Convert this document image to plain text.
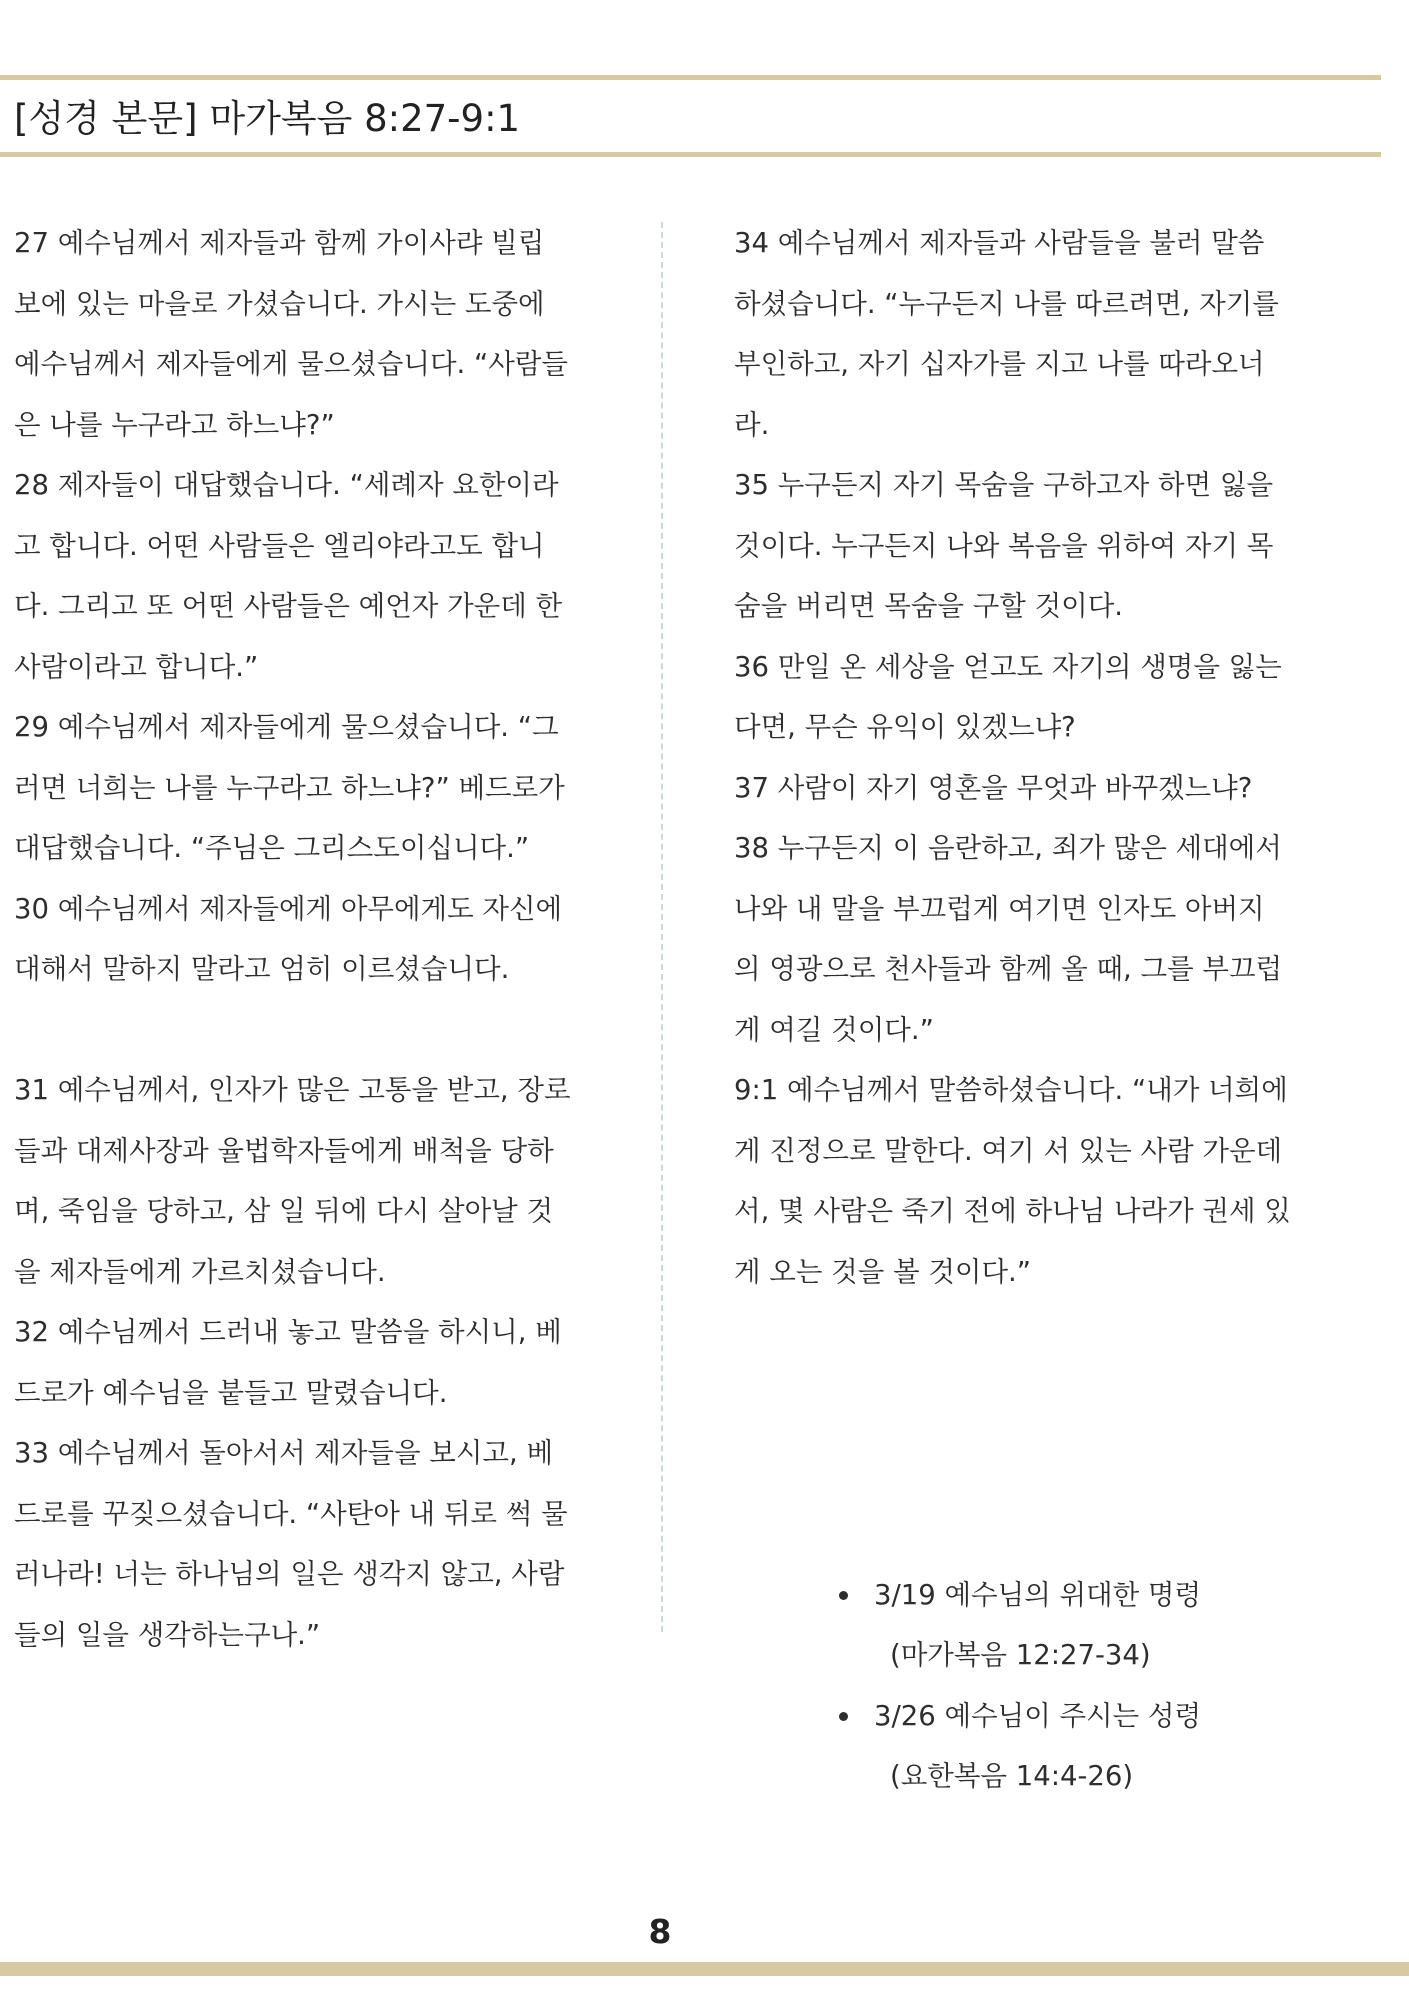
[성경 본문] 마가복음 8:27-9:1
27 예수님께서 제자들과 함께 가이사랴 빌립
보에 있는 마을로 가셨습니다. 가시는 도중에
예수님께서 제자들에게 물으셨습니다. “사람들
은 나를 누구라고 하느냐?”
28 제자들이 대답했습니다. “세례자 요한이라
고 합니다. 어떤 사람들은 엘리야라고도 합니
다. 그리고 또 어떤 사람들은 예언자 가운데 한
사람이라고 합니다.”
29 예수님께서 제자들에게 물으셨습니다. “그
러면 너희는 나를 누구라고 하느냐?” 베드로가
대답했습니다. “주님은 그리스도이십니다.”
30 예수님께서 제자들에게 아무에게도 자신에
대해서 말하지 말라고 엄히 이르셨습니다.
31 예수님께서, 인자가 많은 고통을 받고, 장로
들과 대제사장과 율법학자들에게 배척을 당하
며, 죽임을 당하고, 삼 일 뒤에 다시 살아날 것
을 제자들에게 가르치셨습니다.
32 예수님께서 드러내 놓고 말씀을 하시니, 베
드로가 예수님을 붙들고 말렸습니다.
33 예수님께서 돌아서서 제자들을 보시고, 베
드로를 꾸짖으셨습니다. “사탄아 내 뒤로 썩 물
러나라! 너는 하나님의 일은 생각지 않고, 사람
들의 일을 생각하는구나.”
34 예수님께서 제자들과 사람들을 불러 말씀
하셨습니다. “누구든지 나를 따르려면, 자기를
부인하고, 자기 십자가를 지고 나를 따라오너
라.
35 누구든지 자기 목숨을 구하고자 하면 잃을
것이다. 누구든지 나와 복음을 위하여 자기 목
숨을 버리면 목숨을 구할 것이다.
36 만일 온 세상을 얻고도 자기의 생명을 잃는
다면, 무슨 유익이 있겠느냐?
37 사람이 자기 영혼을 무엇과 바꾸겠느냐?
38 누구든지 이 음란하고, 죄가 많은 세대에서
나와 내 말을 부끄럽게 여기면 인자도 아버지
의 영광으로 천사들과 함께 올 때, 그를 부끄럽
게 여길 것이다.”
9:1 예수님께서 말씀하셨습니다. “내가 너희에
게 진정으로 말한다. 여기 서 있는 사람 가운데
서, 몇 사람은 죽기 전에 하나님 나라가 권세 있
게 오는 것을 볼 것이다.”
3/19 예수님의 위대한 명령
(마가복음 12:27-34)
3/26 예수님이 주시는 성령
(요한복음 14:4-26)
8
